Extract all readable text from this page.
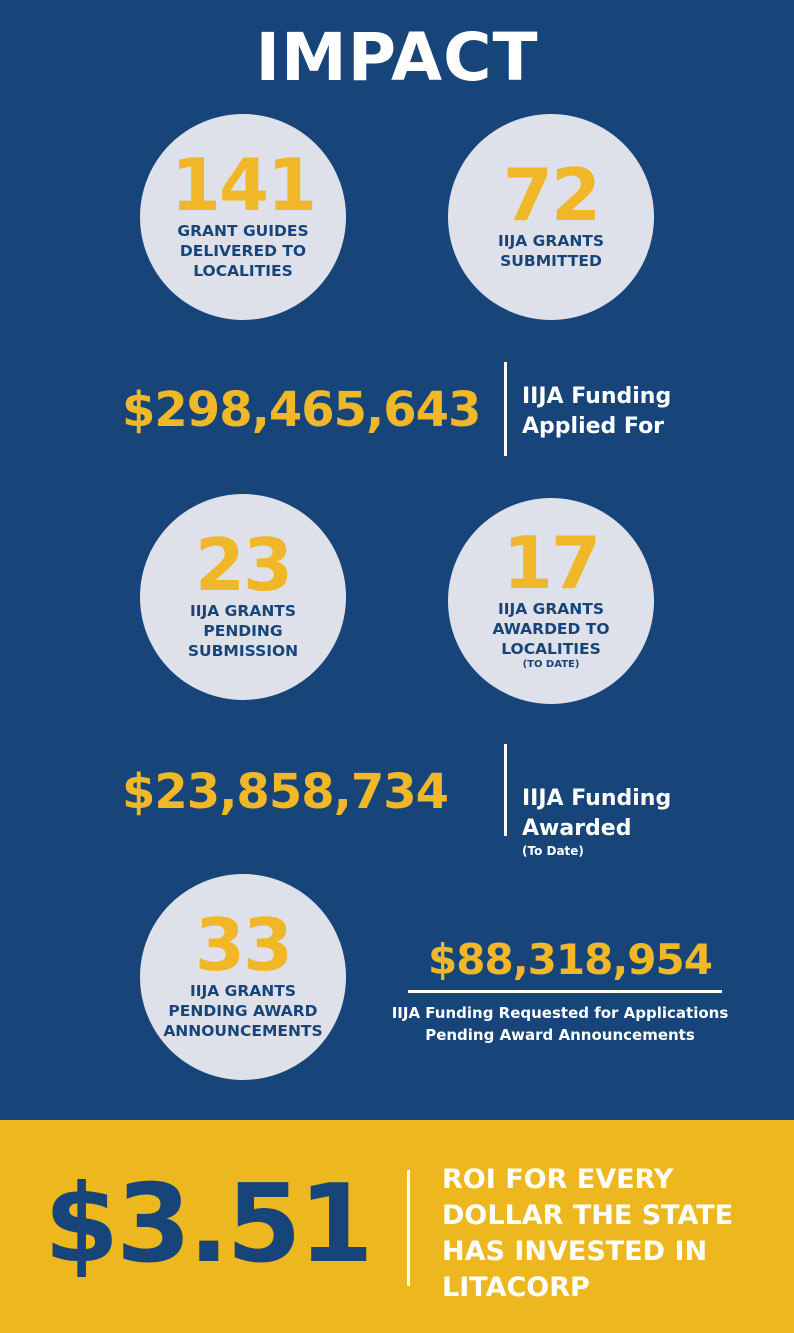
IMPACT
141
GRANT GUIDES
DELIVERED TO
LOCALITIES
72
IIJA GRANTS
SUBMITTED
$298,465,643 IIJA Funding
Applied For
23
IIJA GRANTS
PENDING
SUBMISSION
17
IIJA GRANTS
AWARDED TO
LOCALITIES
(TO DATE)
$23,858,734	IIJA Funding
Awarded

(To Date)

33
IIJA GRANTS
PENDING AWARD
ANNOUNCEMENTS
$88,318,954
IIJA Funding Requested for Applications
Pending Award Announcements
$3.51	ROI FOR EVERY
DOLLAR THE STATE
HAS INVESTED IN
LITACORP
